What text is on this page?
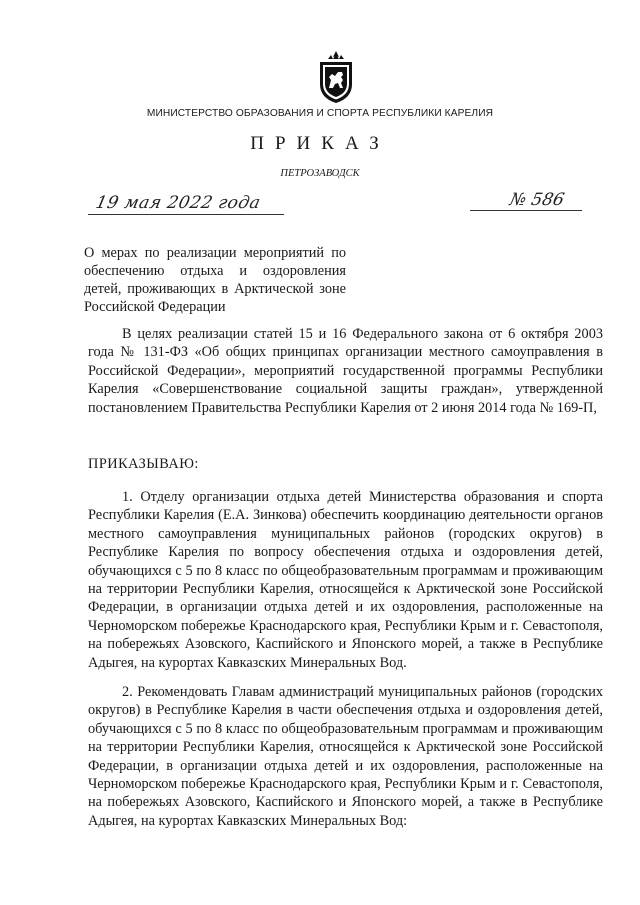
МИНИСТЕРСТВО ОБРАЗОВАНИЯ И СПОРТА РЕСПУБЛИКИ КАРЕЛИЯ
ПРИКАЗ
ПЕТРОЗАВОДСК
19 мая 2022 года	№ 586
О мерах по реализации мероприятий по обеспечению отдыха и оздоровления детей, проживающих в Арктической зоне Российской Федерации
В целях реализации статей 15 и 16 Федерального закона от 6 октября 2003 года № 131-ФЗ «Об общих принципах организации местного самоуправления в Российской Федерации», мероприятий государственной программы Республики Карелия «Совершенствование социальной защиты граждан», утвержденной постановлением Правительства Республики Карелия от 2 июня 2014 года № 169-П,
ПРИКАЗЫВАЮ:
1. Отделу организации отдыха детей Министерства образования и спорта Республики Карелия (Е.А. Зинкова) обеспечить координацию деятельности органов местного самоуправления муниципальных районов (городских округов) в Республике Карелия по вопросу обеспечения отдыха и оздоровления детей, обучающихся с 5 по 8 класс по общеобразовательным программам и проживающим на территории Республики Карелия, относящейся к Арктической зоне Российской Федерации, в организации отдыха детей и их оздоровления, расположенные на Черноморском побережье Краснодарского края, Республики Крым и г. Севастополя, на побережьях Азовского, Каспийского и Японского морей, а также в Республике Адыгея, на курортах Кавказских Минеральных Вод.
2. Рекомендовать Главам администраций муниципальных районов (городских округов) в Республике Карелия в части обеспечения отдыха и оздоровления детей, обучающихся с 5 по 8 класс по общеобразовательным программам и проживающим на территории Республики Карелия, относящейся к Арктической зоне Российской Федерации, в организации отдыха детей и их оздоровления, расположенные на Черноморском побережье Краснодарского края, Республики Крым и г. Севастополя, на побережьях Азовского, Каспийского и Японского морей, а также в Республике Адыгея, на курортах Кавказских Минеральных Вод:
